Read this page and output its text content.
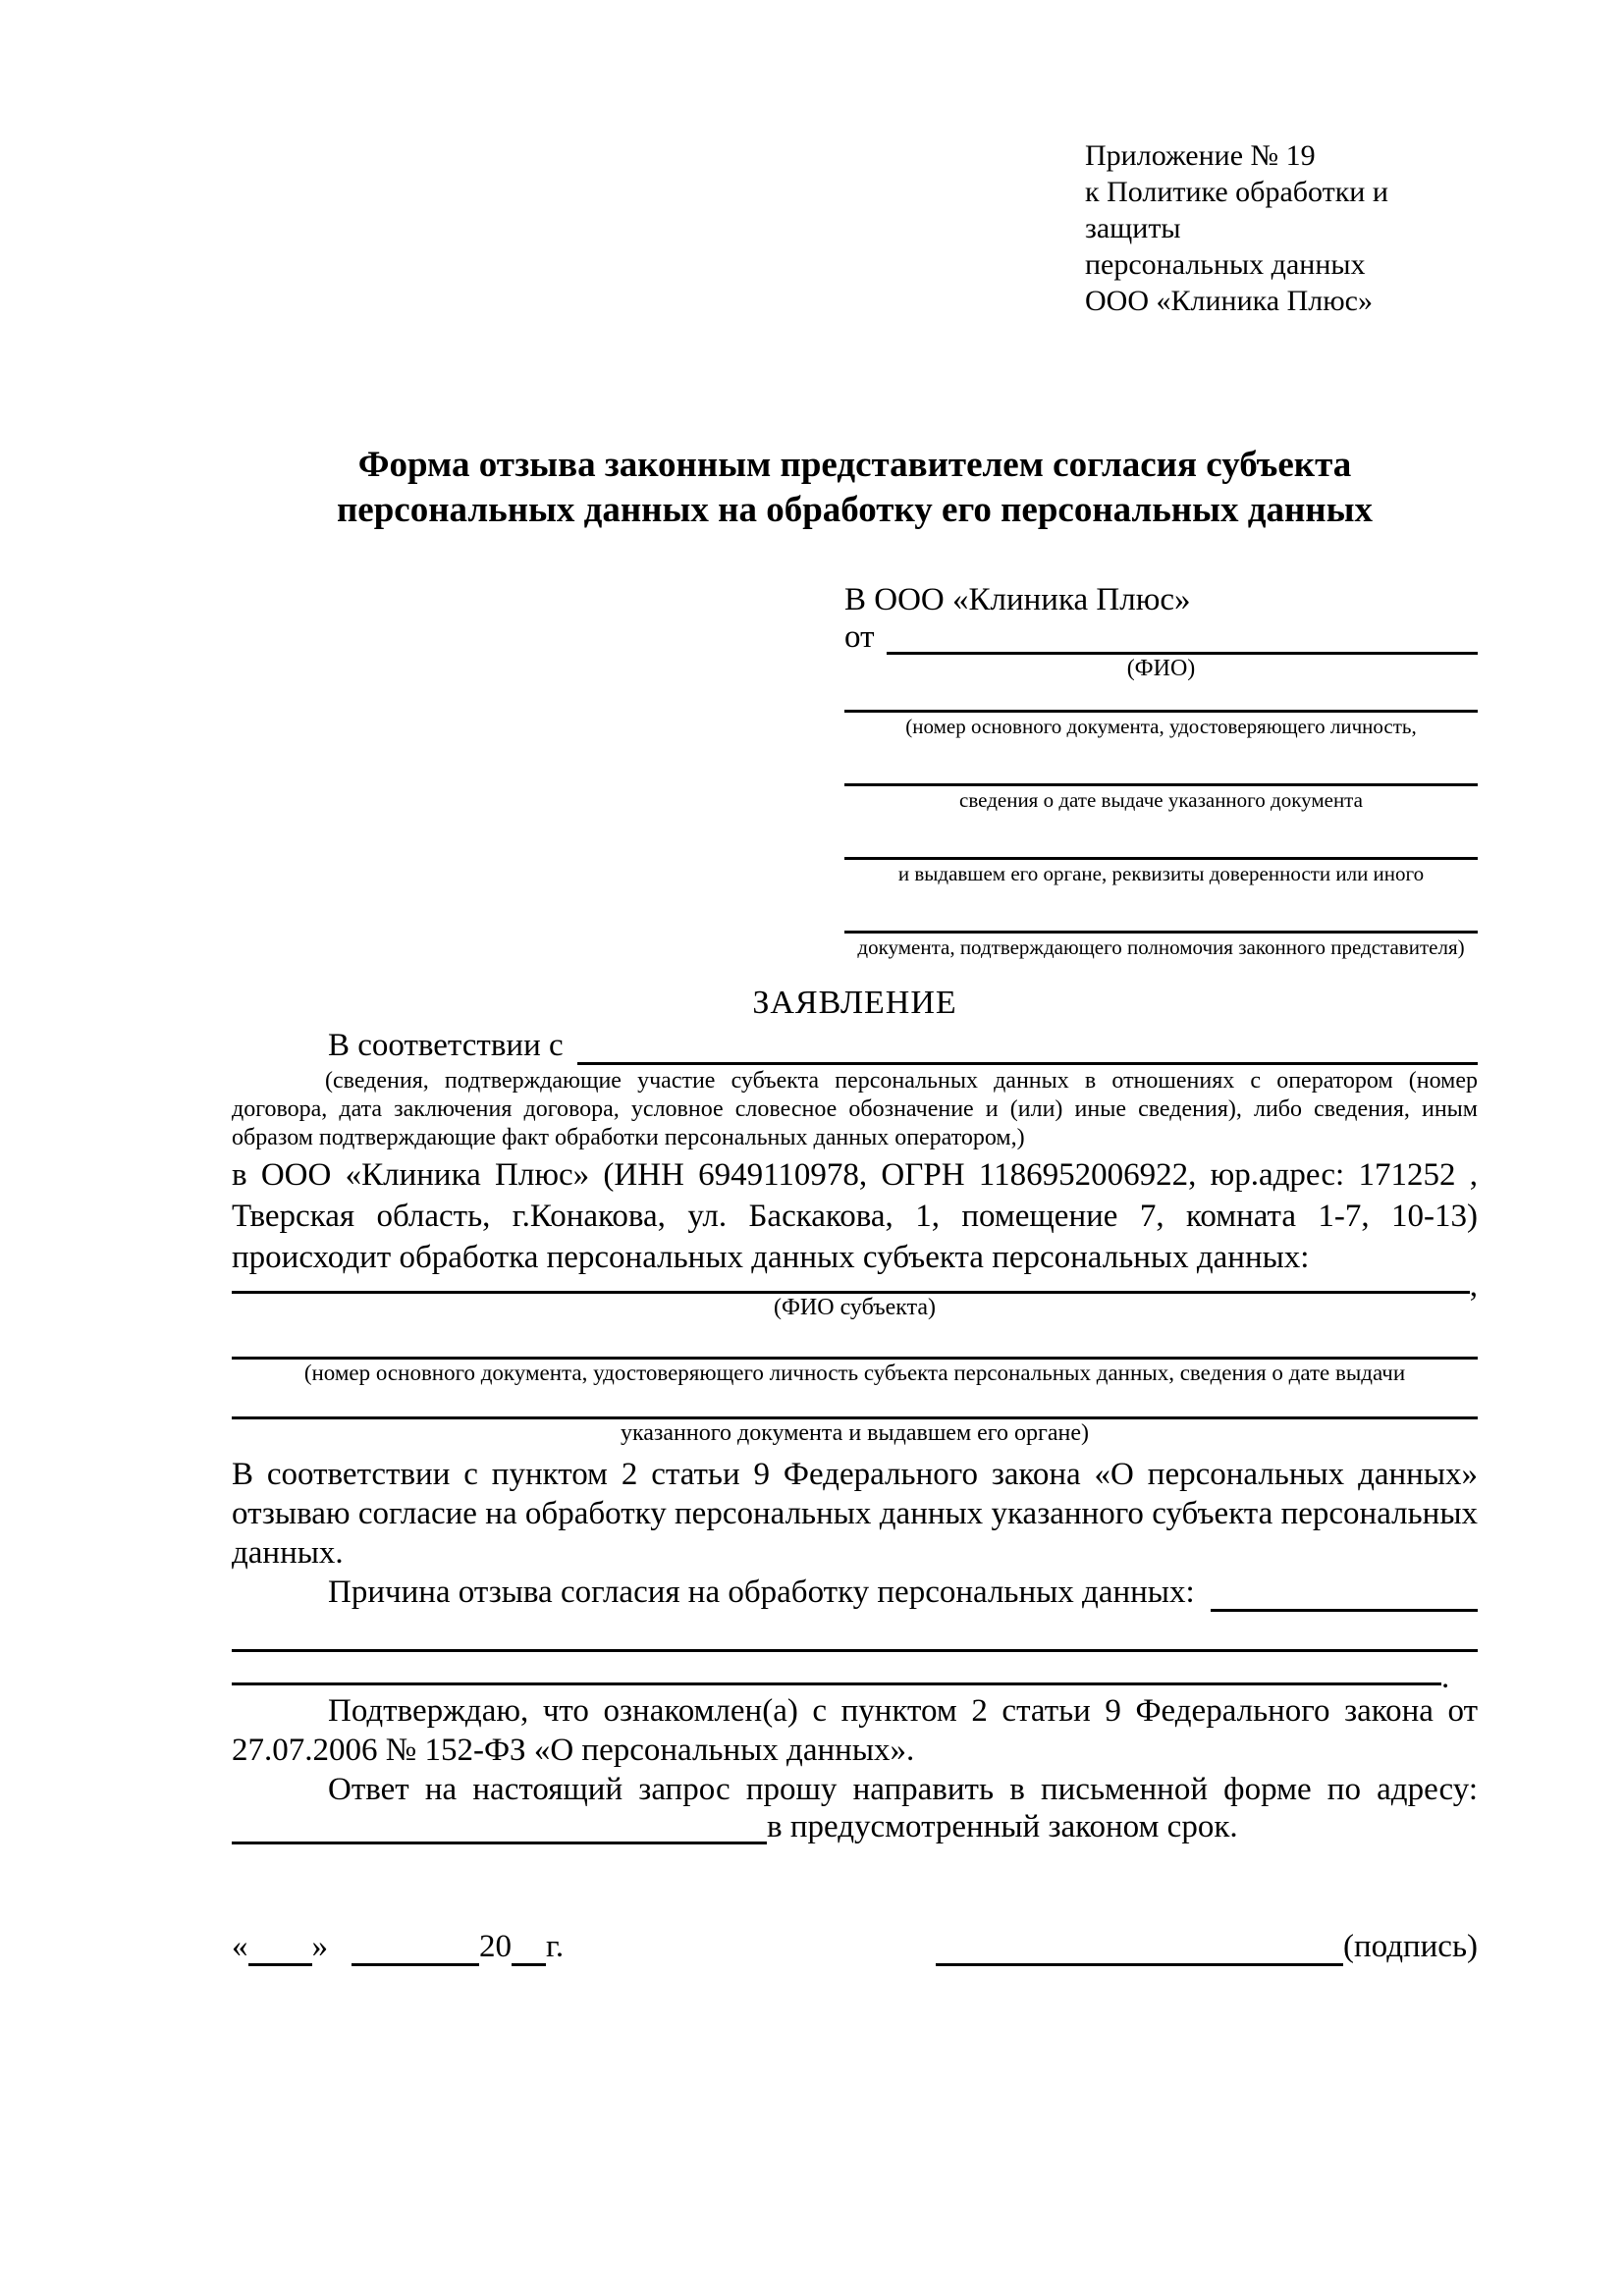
Приложение № 19
к Политике обработки и защиты
персональных данных
ООО «Клиника Плюс»
Форма отзыва законным представителем согласия субъекта
персональных данных на обработку его персональных данных
В ООО «Клиника Плюс»
от
(ФИО)
(номер основного документа, удостоверяющего личность,
сведения о дате выдаче указанного документа
и выдавшем его органе, реквизиты доверенности или иного
документа, подтверждающего полномочия законного представителя)
ЗАЯВЛЕНИЕ
В соответствии с
(сведения, подтверждающие участие субъекта персональных данных в отношениях с оператором (номер договора, дата заключения договора, условное словесное обозначение и (или) иные сведения), либо сведения, иным образом подтверждающие факт обработки персональных данных оператором,)

в ООО «Клиника Плюс» (ИНН 6949110978, ОГРН 1186952006922, юр.адрес: 171252 , Тверская область, г.Конакова, ул. Баскакова, 1, помещение 7, комната 1-7, 10-13) происходит обработка персональных данных субъекта персональных данных:

,
(ФИО субъекта)
(номер основного документа, удостоверяющего личность субъекта персональных данных, сведения о дате выдачи
указанного документа и выдавшем его органе)

В соответствии с пунктом 2 статьи 9 Федерального закона «О персональных данных» отзываю согласие на обработку персональных данных указанного субъекта персональных данных.

Причина отзыва согласия на обработку персональных данных:
.

Подтверждаю, что ознакомлен(а) с пунктом 2 статьи 9 Федерального закона от 27.07.2006 № 152-ФЗ «О персональных данных».

Ответ на настоящий запрос прошу направить в письменной форме по адресу:

в предусмотренный законом срок.
« »	20 г.	(подпись)
